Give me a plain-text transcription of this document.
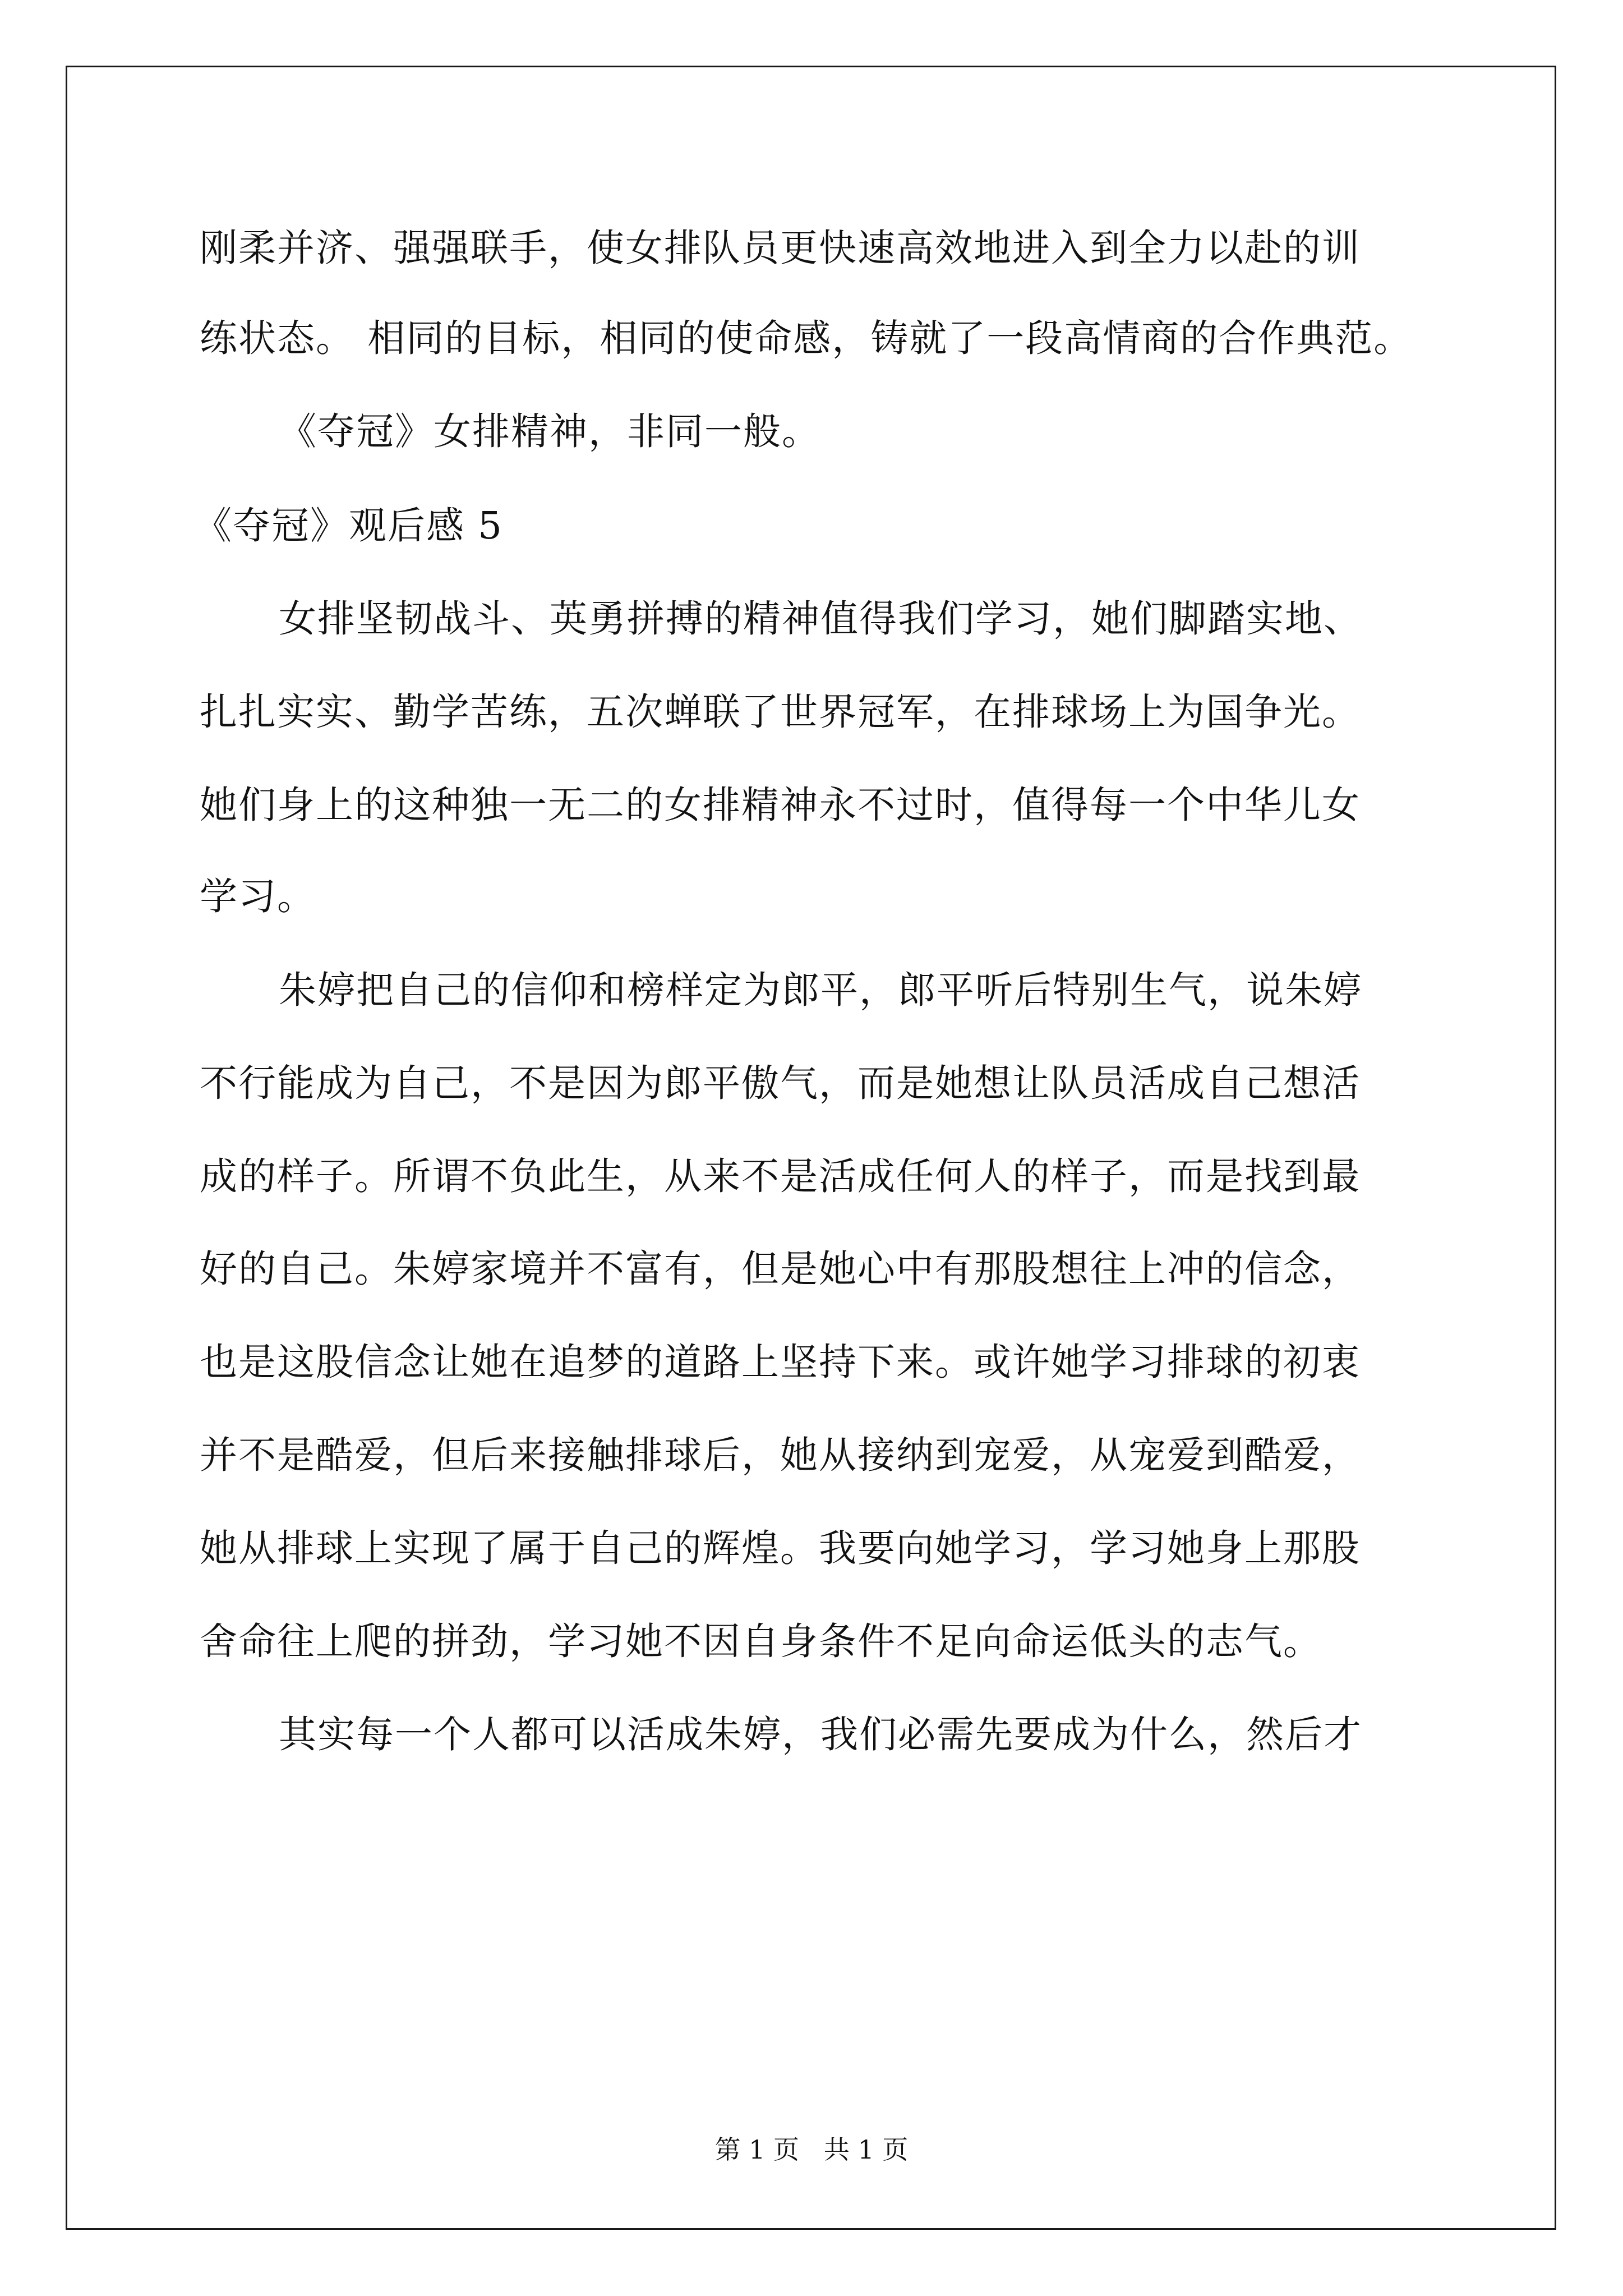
刚柔并济、强强联手，使女排队员更快速高效地进入到全力以赴的训
练状态。 相同的目标，相同的使命感，铸就了一段高情商的合作典范。
《夺冠》女排精神，非同一般。
《夺冠》观后感 5
女排坚韧战斗、英勇拼搏的精神值得我们学习，她们脚踏实地、
扎扎实实、勤学苦练，五次蝉联了世界冠军，在排球场上为国争光。
她们身上的这种独一无二的女排精神永不过时，值得每一个中华儿女
学习。
朱婷把自己的信仰和榜样定为郎平，郎平听后特别生气，说朱婷
不行能成为自己，不是因为郎平傲气，而是她想让队员活成自己想活
成的样子。所谓不负此生，从来不是活成任何人的样子，而是找到最
好的自己。朱婷家境并不富有，但是她心中有那股想往上冲的信念，
也是这股信念让她在追梦的道路上坚持下来。或许她学习排球的初衷
并不是酷爱，但后来接触排球后，她从接纳到宠爱，从宠爱到酷爱，
她从排球上实现了属于自己的辉煌。我要向她学习，学习她身上那股
舍命往上爬的拼劲，学习她不因自身条件不足向命运低头的志气。
其实每一个人都可以活成朱婷，我们必需先要成为什么，然后才
第 1 页   共 1 页
